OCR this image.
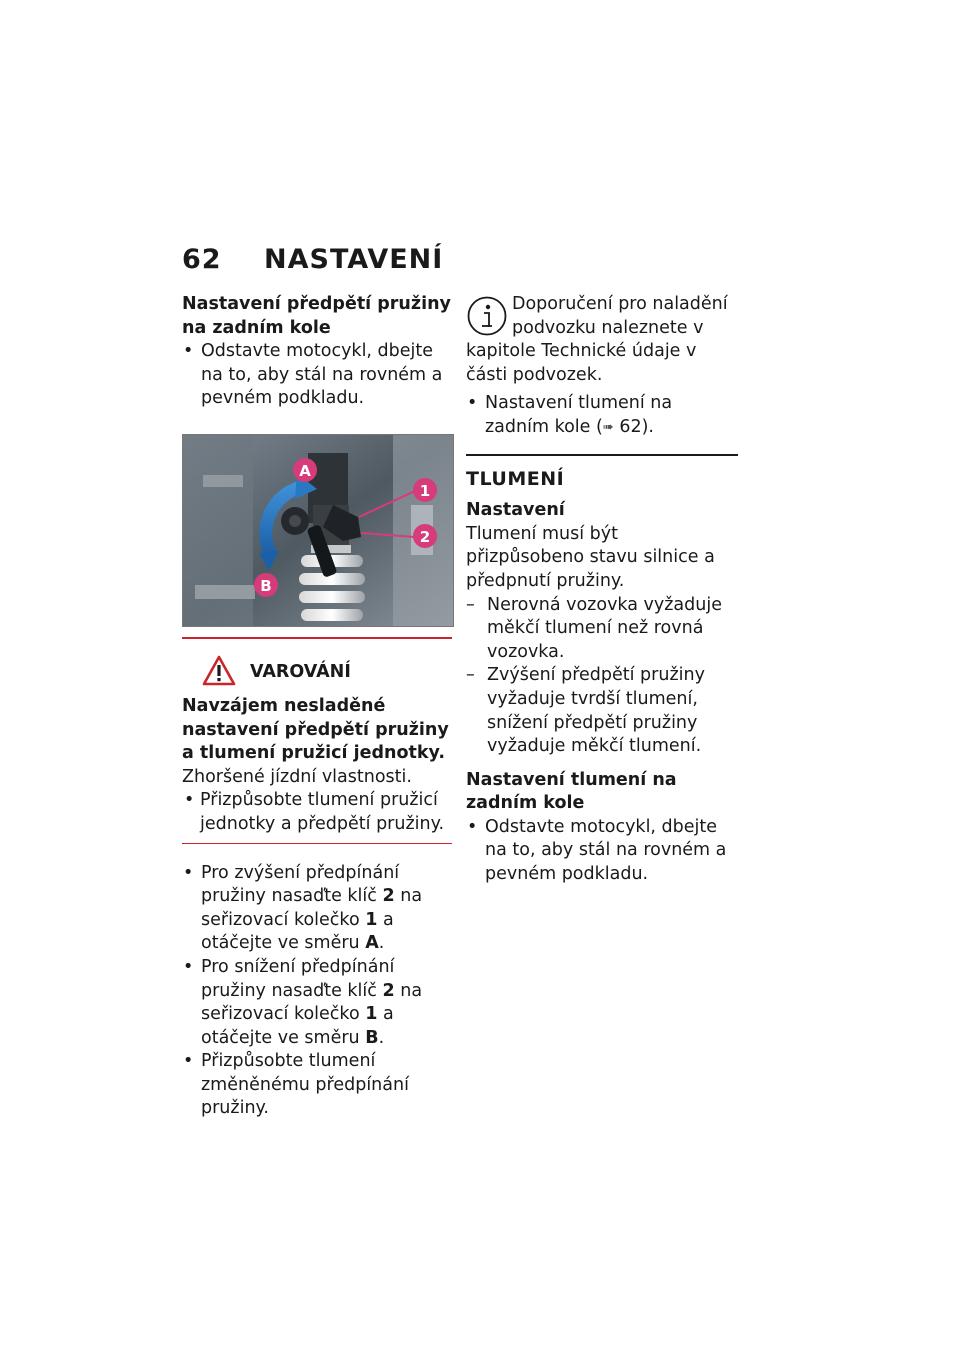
62 NASTAVENÍ

Nastavení předpětí pružiny na zadním kole

• Odstavte motocykl, dbejte na to, aby stál na rovném a pevném podkladu.

A
B
1
2
VAROVÁNÍ

Navzájem nesladěné nastavení předpětí pružiny a tlumení pružicí jednotky.

Zhoršené jízdní vlastnosti.

• Přizpůsobte tlumení pružicí jednotky a předpětí pružiny.

• Pro zvýšení předpínání pružiny nasaďte klíč 2 na seřizovací kolečko 1 a otáčejte ve směru A.

• Pro snížení předpínání pružiny nasaďte klíč 2 na seřizovací kolečko 1 a otáčejte ve směru B.

• Přizpůsobte tlumení změněnému předpínání pružiny.

Doporučení pro naladění
podvozku naleznete v kapitole Technické údaje v části podvozek.

• Nastavení tlumení na zadním kole (➠ 62).

TLUMENÍ

Nastavení

Tlumení musí být přizpůsobeno stavu silnice a předpnutí pružiny.

– Nerovná vozovka vyžaduje měkčí tlumení než rovná vozovka.

– Zvýšení předpětí pružiny vyžaduje tvrdší tlumení, snížení předpětí pružiny vyžaduje měkčí tlumení.

Nastavení tlumení na zadním kole

• Odstavte motocykl, dbejte na to, aby stál na rovném a pevném podkladu.
